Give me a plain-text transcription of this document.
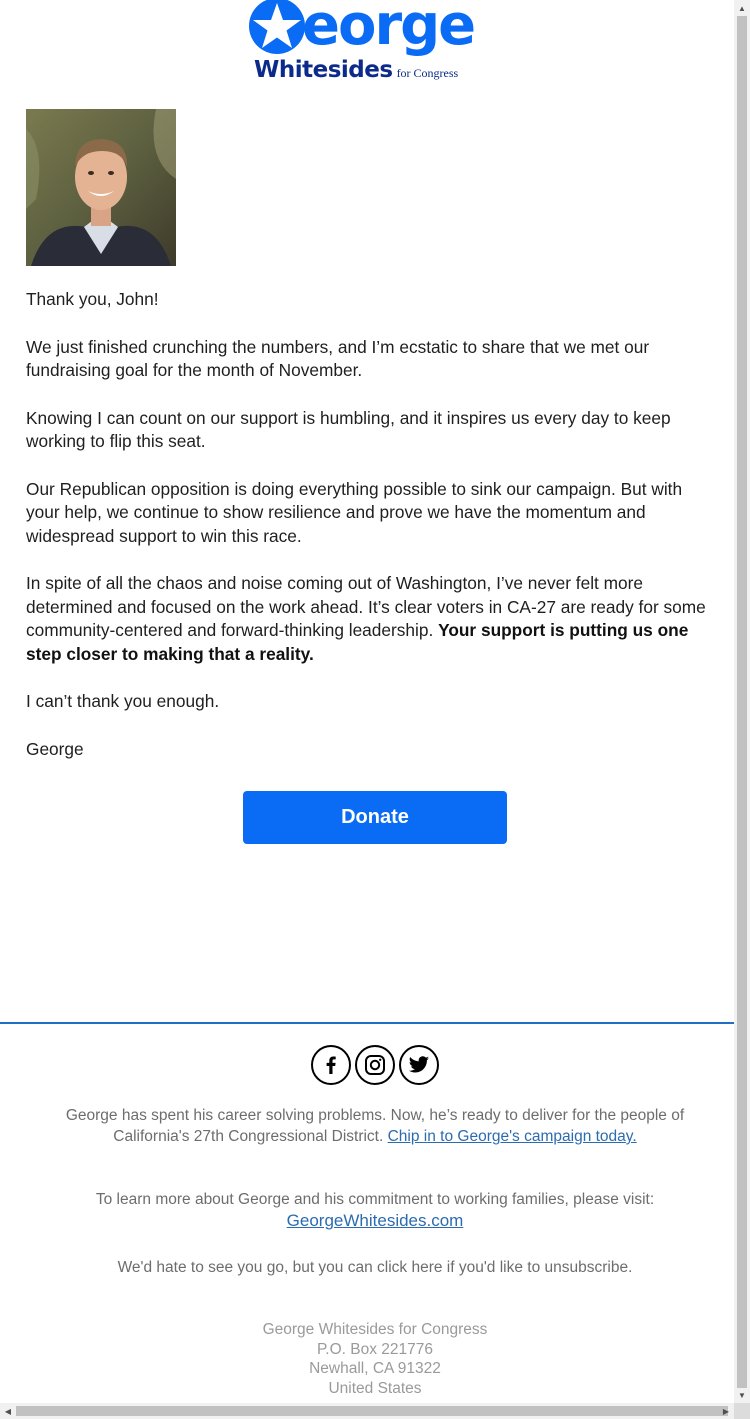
eorge
Whitesides for Congress

Thank you, John!

We just finished crunching the numbers, and I’m ecstatic to share that we met our fundraising goal for the month of November.

Knowing I can count on our support is humbling, and it inspires us every day to keep working to flip this seat.

Our Republican opposition is doing everything possible to sink our campaign. But with your help, we continue to show resilience and prove we have the momentum and widespread support to win this race.

In spite of all the chaos and noise coming out of Washington, I’ve never felt more determined and focused on the work ahead. It’s clear voters in CA-27 are ready for some community-centered and forward-thinking leadership. Your support is putting us one step closer to making that a reality.

I can’t thank you enough.

George

Donate
George has spent his career solving problems. Now, he’s ready to deliver for the people of California's 27th Congressional District. Chip in to George's campaign today.
To learn more about George and his commitment to working families, please visit:
GeorgeWhitesides.com
We'd hate to see you go, but you can click here if you'd like to unsubscribe.
George Whitesides for Congress
P.O. Box 221776
Newhall, CA 91322
United States
▲
▼
◀	▶
